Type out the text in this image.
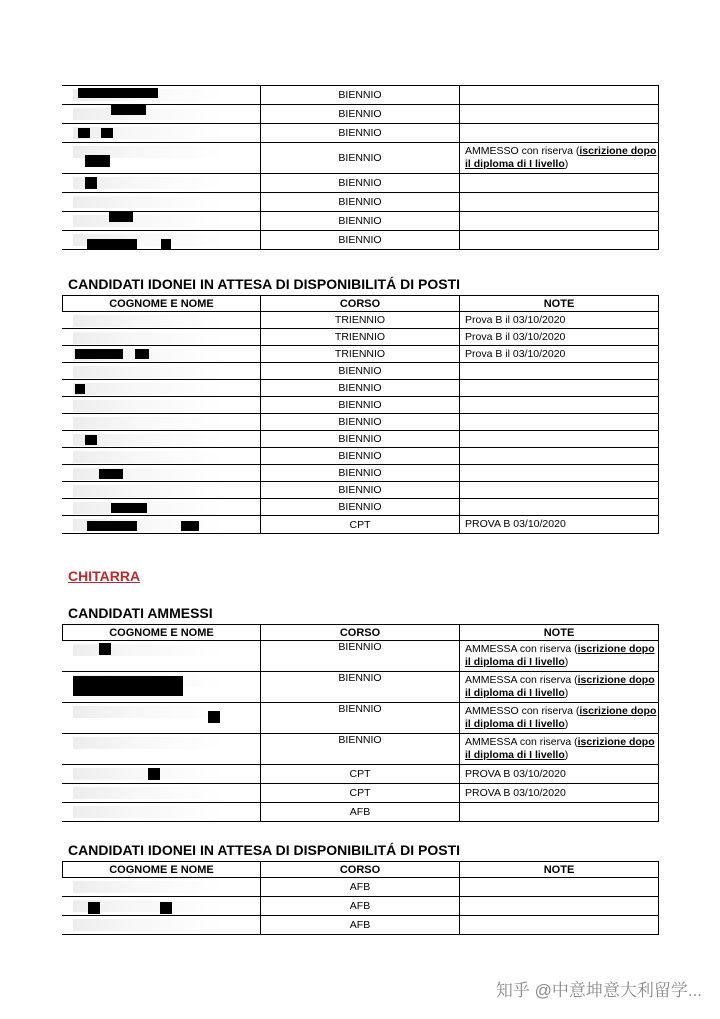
	BIENNIO	

	BIENNIO	

	BIENNIO	

	BIENNIO	AMMESSO con riserva (iscrizione dopo il diploma di I livello)

	BIENNIO	

	BIENNIO	

	BIENNIO	

	BIENNIO	
CANDIDATI IDONEI IN ATTESA DI DISPONIBILITÁ DI POSTI
COGNOME E NOME	CORSO	NOTE

	TRIENNIO	Prova B il 03/10/2020

	TRIENNIO	Prova B il 03/10/2020

	TRIENNIO	Prova B il 03/10/2020

	BIENNIO	

	BIENNIO	

	BIENNIO	

	BIENNIO	

	BIENNIO	

	BIENNIO	

	BIENNIO	

	BIENNIO	

	BIENNIO	

	CPT	PROVA B 03/10/2020
CHITARRA
CANDIDATI AMMESSI
COGNOME E NOME	CORSO	NOTE

	BIENNIO	AMMESSA con riserva (iscrizione dopo il diploma di I livello)

	BIENNIO	AMMESSA con riserva (iscrizione dopo il diploma di I livello)

	BIENNIO	AMMESSO con riserva (iscrizione dopo il diploma di I livello)

	BIENNIO	AMMESSA con riserva (iscrizione dopo il diploma di I livello)

	CPT	PROVA B 03/10/2020

	CPT	PROVA B 03/10/2020

	AFB	
CANDIDATI IDONEI IN ATTESA DI DISPONIBILITÁ DI POSTI
COGNOME E NOME	CORSO	NOTE

	AFB	

	AFB	

	AFB	
知乎 @中意坤意大利留学...
